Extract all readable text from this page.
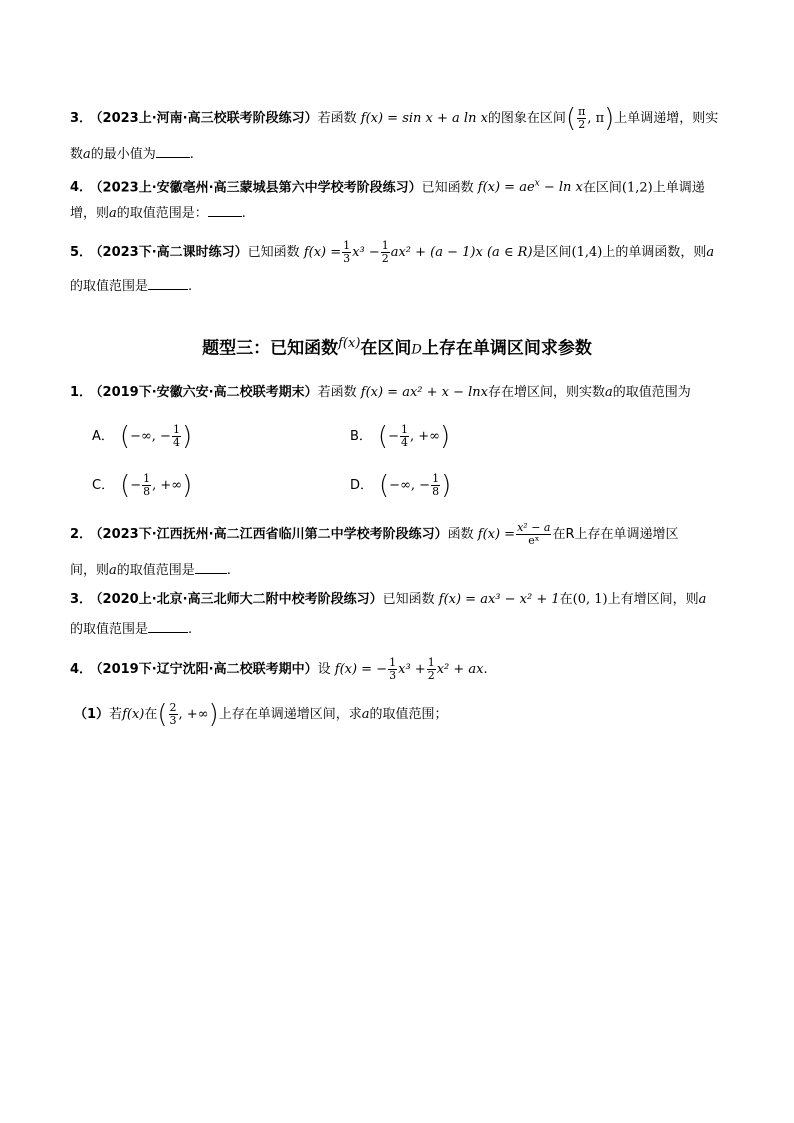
3． （2023上·河南·高三校联考阶段练习）若函数 f(x) = sin x + a ln x的图象在区间( $\frac{\pi}{2}$ , π)上单调递增，则实
数a的最小值为	.
4． （2023上·安徽亳州·高三蒙城县第六中学校考阶段练习）已知函数 $f(x) = ae^x - \ln x$在区间(1,2)上单调递
增，则a的取值范围是：	.
5． （2023下·高二课时练习）已知函数 $f(x) = \frac{1}{3} x^3 - \frac{1}{2} ax^2 + (a - 1)x$ (a ∈ R)是区间(1,4)上的单调函数，则a
的取值范围是	.
题型三：已知函数$^{f(x)}$在区间D上存在单调区间求参数
1． （2019下·安徽六安·高二校联考期末）若函数 f(x) = ax² + x − lnx存在增区间，则实数a的取值范围为
A． (−∞, − $\frac{1}{4}$ )	B． (− $\frac{1}{4}$ , +∞)
C． (− $\frac{1}{8}$ , +∞)	D． (−∞, − $\frac{1}{8}$ )
2． （2023下·江西抚州·高二江西省临川第二中学校考阶段练习）函数 $f(x) = \frac{\text{x² − a}}{\text{eˣ}}$ 在R上存在单调递增区
间，则a的取值范围是 .
3． （2020上·北京·高三北师大二附中校考阶段练习）已知函数 f(x) = ax³ − x² + 1在(0, 1)上有增区间，则a
的取值范围是	.
4． （2019下·辽宁沈阳·高二校联考期中）设 f(x) = − $\frac{1}{3} x^3 + \frac{1}{2} x^2$ + ax.
（1）若f(x)在( $\frac{2}{3}$ , +∞)上存在单调递增区间，求a的取值范围；
